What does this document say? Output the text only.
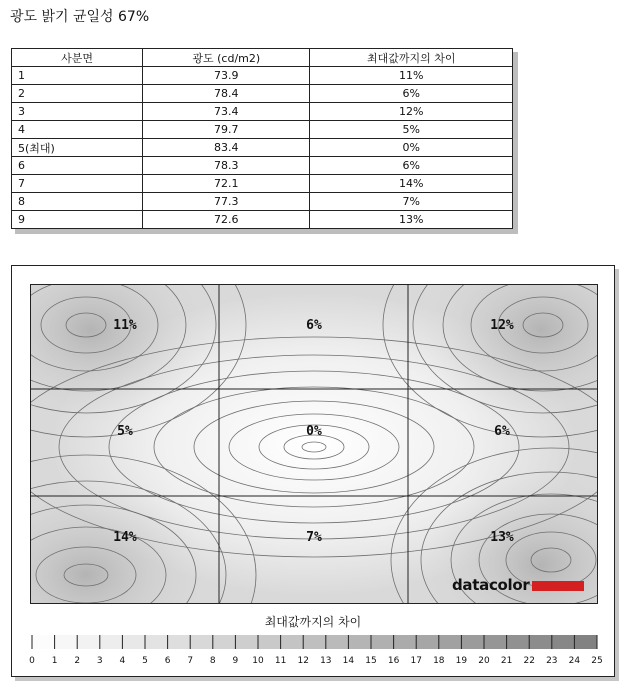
광도 밝기 균일성 67%
사분면	광도 (cd/m2)	최대값까지의 차이
1	73.9	11%
2	78.4	6%
3	73.4	12%
4	79.7	5%
5(최대)	83.4	0%
6	78.3	6%
7	72.1	14%
8	77.3	7%
9	72.6	13%
11%	6%	12%
5%	0%	6%
14%	7%	13%
datacolor
최대값까지의 차이
0 1 2 3 4 5 6 7 8 9 10 11 12 13 14 15 16 17 18 19 20 21 22 23 24 25
